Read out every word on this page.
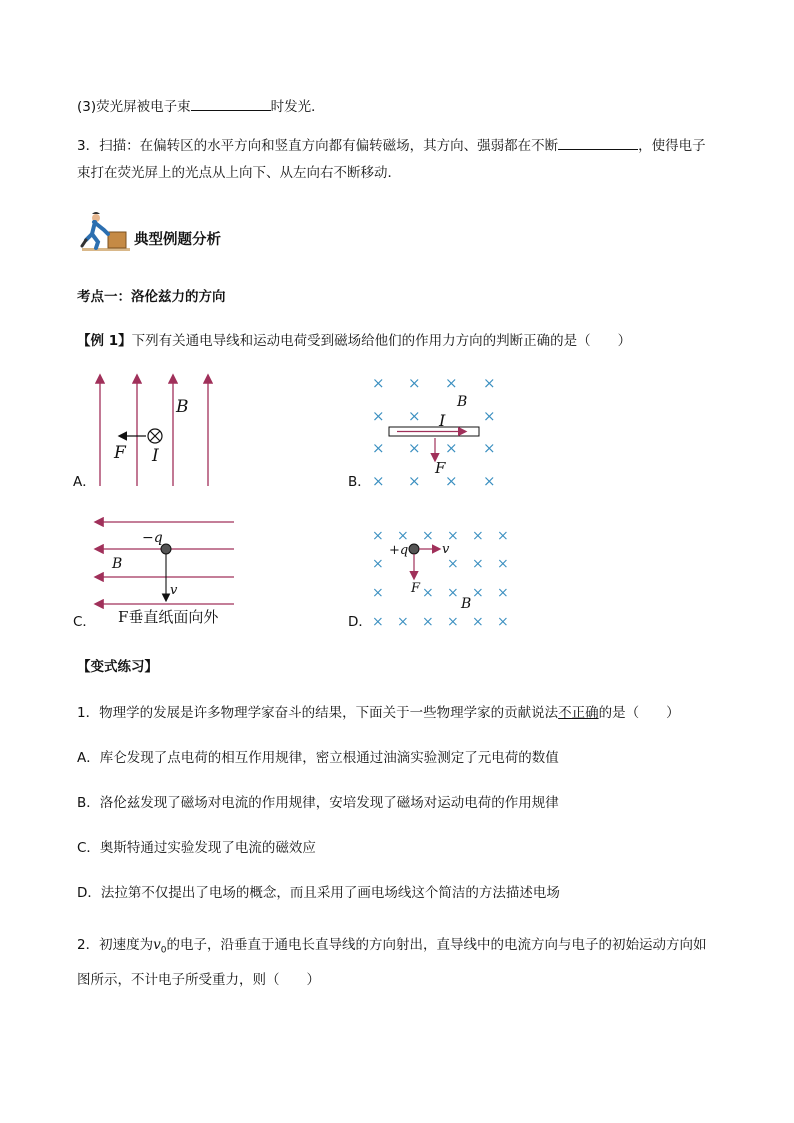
(3)荧光屏被电子束	时发光．
3．扫描：在偏转区的水平方向和竖直方向都有偏转磁场，其方向、强弱都在不断	，使得电子
束打在荧光屏上的光点从上向下、从左向右不断移动．
典型例题分析
考点一：洛伦兹力的方向
【例 1】下列有关通电导线和运动电荷受到磁场给他们的作用力方向的判断正确的是（　　）
A．
B
F I
B．
× × × ×
× ×	×
× × × ×
× × × ×
B
I
F
C．
−q
v
B
F垂直纸面向外	D．
× × × × × ×
× × ×
×
×	× × × ×
× × × × × ×
+q	v
F
B
【变式练习】
1．物理学的发展是许多物理学家奋斗的结果，下面关于一些物理学家的贡献说法不正确的是（　　）
A．库仑发现了点电荷的相互作用规律，密立根通过油滴实验测定了元电荷的数值
B．洛伦兹发现了磁场对电流的作用规律，安培发现了磁场对运动电荷的作用规律
C．奥斯特通过实验发现了电流的磁效应
D．法拉第不仅提出了电场的概念，而且采用了画电场线这个简洁的方法描述电场
2．初速度为$v_0$的电子，沿垂直于通电长直导线的方向射出，直导线中的电流方向与电子的初始运动方向如
图所示，不计电子所受重力，则（　　）
